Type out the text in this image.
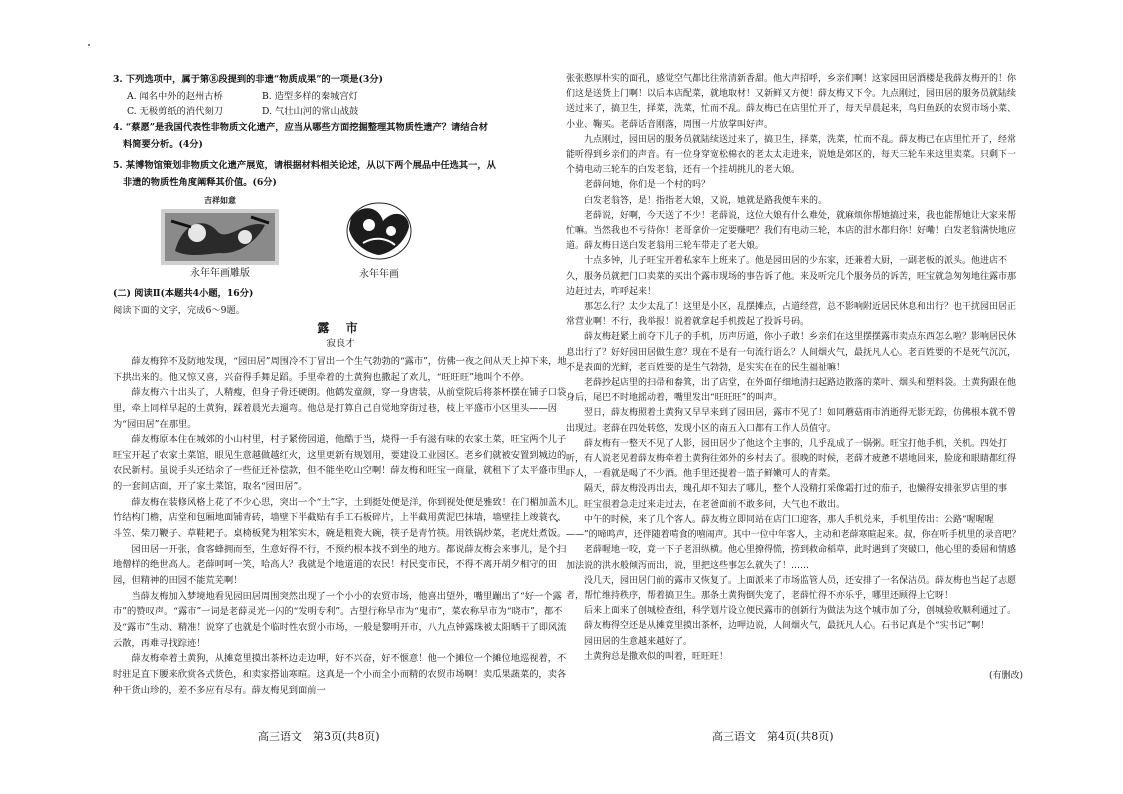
3. 下列选项中，属于第⑧段提到的非遗“物质成果”的一项是(3分)

A. 闻名中外的赵州古桥	B. 造型多样的秦城宫灯

C. 无极剪纸的消代刻刀	D. 气壮山河的常山战鼓

4. “蔡愿”是我国代表性非物质文化遗产，应当从哪些方面挖掘整理其物质性遗产？请结合材

料简要分析。(4分)

5. 某博物馆策划非物质文化遗产展览，请根据材料相关论述，从以下两个展品中任选其一，从

非遗的物质性角度阐释其价值。(6分)

吉祥如意
永年年画雕版	永年年画

(二) 阅读Ⅱ(本题共4小题，16分)

阅读下面的文字，完成6～9题。

露 市

寂良才

薛友梅猝不及防地发现，“园田居”周围冷不丁冒出一个生气勃勃的“露市”，仿佛一夜之间从天上掉下来，地下拱出来的。他又惊又喜，兴奋得手舞足蹈。手里牵着的土黄狗也撒起了欢儿，“旺旺旺”地叫个不停。

薛友梅六十出头了，人精瘦，但身子骨还硬朗。他鹤发童颜，穿一身唐装，从前堂院后将茶杯摆在铺子口袋里，牵上同样早起的土黄狗，踩着晨光去遛弯。他总是打算自己自觉地穿街过巷，枝上平盛市小区里头——因为“园田居”在那里。

薛友梅原本住在城郊的小山村里，村子紧傍园道，他酷于当，烧得一手有滋有味的农家土菜，旺宝两个儿子旺宝开起了农家土菜馆，眼见生意越做越红火，这里更新有规划用，要建设工业园区。老乡们就被安置到城边的农民新村。虽说手头还结余了一些征迁补偿款，但不能坐吃山空啊！薛友梅和旺宝一商量，就租下了太平盛市里的一套间店面，开了家土菜馆，取名“园田居”。

薛友梅在装修风格上花了不少心思，突出一个“土”字，土到挺处便是洋，你到视处便是雅致！在门楣加盖木竹结构门檐，店堂和包厢地面铺青砖，墙壁下半截贴有手工石板碎片，上半截用黄泥巴抹墙，墙壁挂上竣蓑衣、斗笠、柴刀鞭子、草鞋耙子。桌椅板凳为粗笨实木，碗是粗瓷大碗，筷子是青竹筷。用铁锅炒菜，老虎灶煮饭。

园田居一开张，食客蜂拥而至，生意好得不行，不预约根本找不到坐的地方。都说薛友梅会来事儿，是个扫地僧样的绝世高人。老薛呵呵一笑，哈高人？我就是个地道道的农民！村民变市民，不得不离开胡夕相守的田园，但精神的田园不能荒芜啊！

当薛友梅加入梦境地看见园田居周围突然出现了一个小小的农贸市场，他喜出望外，嘴里蹦出了“好一个露市”的赞叹声。“露市”一词是老薛灵光一闪的“发明专利”。古望行称早市为“鬼市”，菜农称早市为“晓市”，都不及“露市”生动、精准！说穿了也就是个临时性农贸小市场，一般是黎明开市，八九点钟露珠被太阳晒干了即风流云散，再难寻找踪迹！

薛友梅牵着土黄狗，从摊竟里摸出茶杯边走边呷，好不兴奋，好不惬意！他一个摊位一个摊位地巡视着，不时驻足直下腰来欣赏各式货色，和卖家搭讪寒暄。这真是一个小而全小而精的农贸市场啊！卖瓜果蔬菜的，卖各种干货山珍的，差不多应有尽有。薛友梅见到面前一

高三语文　第3页(共8页)

张张憨厚朴实的面孔，感觉空气都比往常清新香甜。他大声招呼，乡亲们啊！这家园田居酒楼是我薛友梅开的！你们这是送货上门啊！以后本店配菜，就地取材！又新鲜又方便！薛友梅又下令。九点刚过，园田居的服务员就陆续送过来了，搞卫生，择菜，洗菜，忙而不乱。薛友梅已在店里忙开了，每天早晨起来，鸟归鱼跃的农贸市场小菜、小业、鞠买。老薛话音刚落，周围一片放掌叫好声。

九点刚过，园田居的服务员就陆续送过来了，搞卫生，择菜，洗菜，忙而不乱。薛友梅已在店里忙开了，经常能听得到乡亲们的声音。有一位身穿宽松棉衣的老太太走进来，说她是郊区的，每天三轮车来这里卖菜。只剩下一个骑电动三轮车的白发老翁，还有一个挂胡挑儿的老大娘。

老薛问她，你们是一个村的吗？

白发老翁答，是！指指老大娘，又说，她就是路我便车来的。

老薛说，好啊，今天送了不少！老薛说，这位大娘有什么难处，就麻烦你帮她搞过来，我也能帮她让大家来帮忙嘛。当然我也不亏待你！老哥拿价一定要赚吧？我们有电动三轮，本店的泔水都归你！好嘞！白发老翁满快地应道。薛友梅日送白发老翁用三轮车带走了老大娘。

十点多钟，儿子旺宝开着私家车上班来了。他是园田居的少东家，还兼着大厨，一副老板的派头。他进店不久，服务员就把门口卖菜的买出个露市现场的事告诉了他。来及听完几个服务员的诉苦，旺宝就急匆匆地往露市那边赶过去，咋呼起来！

那怎么行？太少太乱了！这里是小区，乱摆摊点，占道经营，总不影响附近居民休息和出行？也干扰园田居正常营业啊！不行，我举报！说着就拿起手机拨起了投诉号码。

薛友梅赶紧上前夺下儿子的手机，历声厉道，你小子敢！乡亲们在这里摆摆露市卖点东西怎么啦？影响居民休息出行了？好好园田居做生意？现在不是有一句流行语么？人间烟火气，最抚凡人心。老百姓要的不是死气沉沉，不是表面的光鲜，老百姓要的是生气勃勃，是实实在在的民生福祉嘛！

老薛抄起店里的扫帚和畚箕，出了店堂，在外面仔细地清扫起路边散落的菜叶、烟头和塑料袋。土黄狗跟在他身后，尾巴不时地摇动着，嘴里发出“旺旺旺”的叫声。

翌日，薛友梅照着土黄狗又早早来到了园田居，露市不见了！如同蘑菇雨市消逝得无影无踪，仿佛根本就不曾出现过。老薛在四处转悠，发现小区的南五入口都有工作人员值守。

薛友梅有一整天不见了人影，园田居少了他这个主事的，几乎乱成了一锅粥。旺宝打他手机，关机。四处打听，有人说老见着薛友梅牵着土黄狗往郊外的乡村去了。很晚的时候，老薛才疲惫不堪地回来，脸庞和眼睛都红得吓人，一看就是喝了不少酒。他手里还提着一篮子鲜嫩可人的青菜。

隔天，薛友梅没再出去，瑰孔却不知去了哪儿，整个人没精打采像霜打过的茄子，也懒得安排张罗店里的事儿。旺宝很着急走过来走过去，在老爸面前不敢多问，大气也不敢出。

中午的时候，来了几个客人。薛友梅立即同站在店门口迎客，那人手机兑来，手机里传出：公路“喔喔喔——”的啼鸣声，还伴随着啃食的嘻闹声。其中一位中年客人，主动和老薛寒暄起来。叔，你在听手机里的录音吧？

老薛喔地一咬，竟一下子老泪纵横。他心里撩得慌，捞到救命稻草，此时遇到了突破口，他心里的委屈和情感加法说的洪水般倾泻而出，说，里把这些事怎么就失了！……

没几天，园田居门前的露市又恢复了。上面派来了市场监管人员，还安排了一名保洁员。薛友梅也当起了志愿者，帮忙维持秩序，帮着搞卫生。那条土黄狗倒失宠了，老薛忙得不亦乐乎，哪里还顾得上它呀！

后来上面来了创城检查组，科学划片设立便民露市的创新行为做法为这个城市加了分，创城验收顺利通过了。

薛友梅得空还是从摊竟里摸出茶杯，边呷边说，人间烟火气，最抚凡人心。石书记真是个“实书记”啊！

园田居的生意越来越好了。

土黄狗总是撒欢似的叫着，旺旺旺！

(有删改)

高三语文　第4页(共8页)
